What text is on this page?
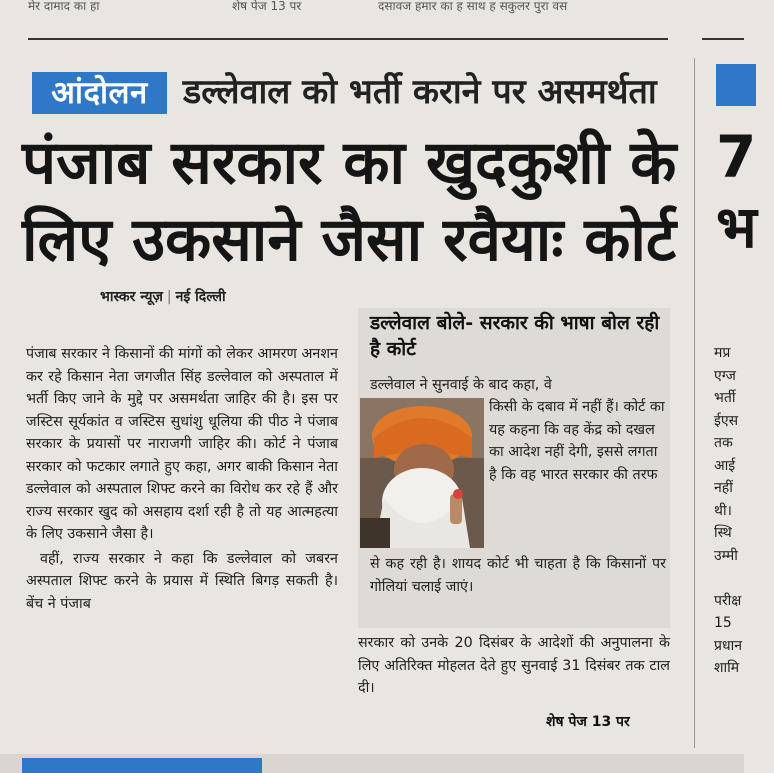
मेर दामाद का हा	शेष पेज 13 पर	दसावज हमार का ह साथ ह सकुलर पुरा वस
आंदोलन	डल्लेवाल को भर्ती कराने पर असमर्थता
पंजाब सरकार का खुदकुशी के
लिए उकसाने जैसा रवैयाः कोर्ट
भास्कर न्यूज़ | नई दिल्ली

पंजाब सरकार ने किसानों की मांगों को लेकर आमरण अनशन कर रहे किसान नेता जगजीत सिंह डल्लेवाल को अस्पताल में भर्ती किए जाने के मुद्दे पर असमर्थता जाहिर की है। इस पर जस्टिस सूर्यकांत व जस्टिस सुधांशु धूलिया की पीठ ने पंजाब सरकार के प्रयासों पर नाराजगी जाहिर की। कोर्ट ने पंजाब सरकार को फटकार लगाते हुए कहा, अगर बाकी किसान नेता डल्लेवाल को अस्पताल शिफ्ट करने का विरोध कर रहे हैं और राज्य सरकार खुद को असहाय दर्शा रही है तो यह आत्महत्या के लिए उकसाने जैसा है।

वहीं, राज्य सरकार ने कहा कि डल्लेवाल को जबरन अस्पताल शिफ्ट करने के प्रयास में स्थिति बिगड़ सकती है। बेंच ने पंजाब

डल्लेवाल बोले- सरकार की भाषा बोल रही है कोर्ट
डल्लेवाल ने सुनवाई के बाद कहा, वे
किसी के दबाव में नहीं हैं। कोर्ट का यह कहना कि वह केंद्र को दखल का आदेश नहीं देगी, इससे लगता है कि वह भारत सरकार की तरफ
से कह रही है। शायद कोर्ट भी चाहता है कि किसानों पर गोलियां चलाई जाएं।
सरकार को उनके 20 दिसंबर के आदेशों की अनुपालना के लिए अतिरिक्त मोहलत देते हुए सुनवाई 31 दिसंबर तक टाल दी।
शेष पेज 13 पर
7
भ
मप्र
एग्ज
भर्ती
ईएस
तक
आई
नहीं
थी।
स्थि
उम्मी

परीक्ष
15
प्रधान
शामि
